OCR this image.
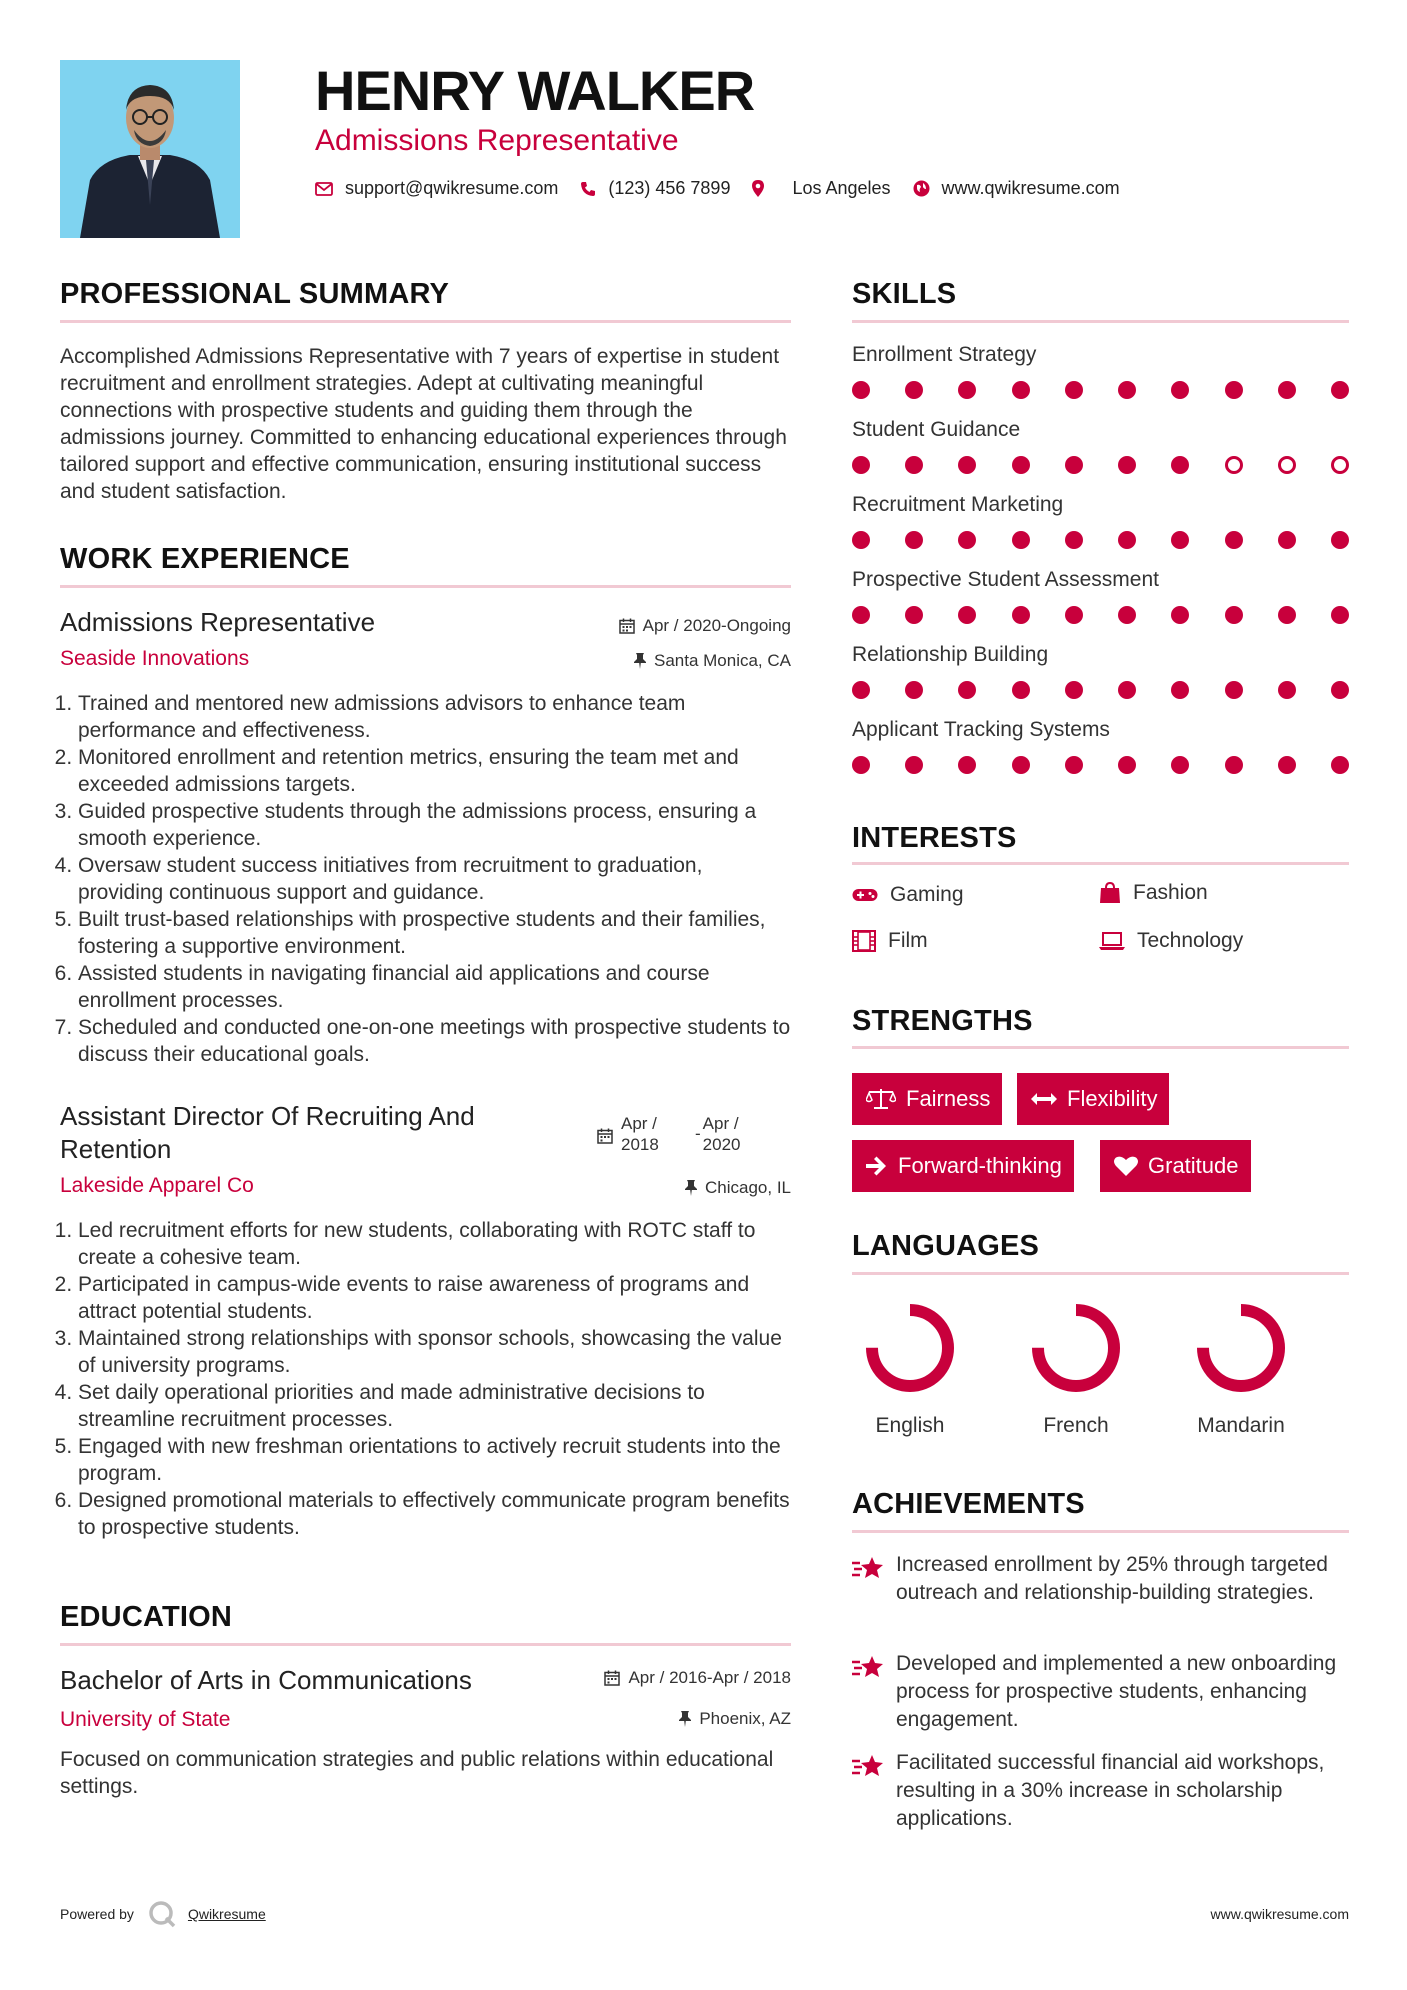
HENRY WALKER
Admissions Representative
support@qwikresume.com	(123) 456 7899	Los Angeles	www.qwikresume.com
PROFESSIONAL SUMMARY
Accomplished Admissions Representative with 7 years of expertise in student recruitment and enrollment strategies. Adept at cultivating meaningful connections with prospective students and guiding them through the admissions journey. Committed to enhancing educational experiences through tailored support and effective communication, ensuring institutional success and student satisfaction.
WORK EXPERIENCE
Admissions Representative	Apr / 2020-Ongoing
Seaside Innovations	Santa Monica, CA
1. Trained and mentored new admissions advisors to enhance team performance and effectiveness.
2. Monitored enrollment and retention metrics, ensuring the team met and exceeded admissions targets.
3. Guided prospective students through the admissions process, ensuring a smooth experience.
4. Oversaw student success initiatives from recruitment to graduation, providing continuous support and guidance.
5. Built trust-based relationships with prospective students and their families, fostering a supportive environment.
6. Assisted students in navigating financial aid applications and course enrollment processes.
7. Scheduled and conducted one-on-one meetings with prospective students to discuss their educational goals.
Assistant Director Of Recruiting And Retention
Apr / 2018
-
Apr / 2020
Lakeside Apparel Co	Chicago, IL
1. Led recruitment efforts for new students, collaborating with ROTC staff to create a cohesive team.
2. Participated in campus-wide events to raise awareness of programs and attract potential students.
3. Maintained strong relationships with sponsor schools, showcasing the value of university programs.
4. Set daily operational priorities and made administrative decisions to streamline recruitment processes.
5. Engaged with new freshman orientations to actively recruit students into the program.
6. Designed promotional materials to effectively communicate program benefits to prospective students.
EDUCATION
Bachelor of Arts in Communications	Apr / 2016-Apr / 2018
University of State	Phoenix, AZ
Focused on communication strategies and public relations within educational settings.
SKILLS
Enrollment Strategy
Student Guidance
Recruitment Marketing
Prospective Student Assessment
Relationship Building
Applicant Tracking Systems
INTERESTS
Gaming	Fashion
Film	Technology
STRENGTHS
Fairness	Flexibility
Forward-thinking	Gratitude
LANGUAGES
English	French	Mandarin
ACHIEVEMENTS
Increased enrollment by 25% through targeted outreach and relationship-building strategies.
Developed and implemented a new onboarding process for prospective students, enhancing engagement.
Facilitated successful financial aid workshops, resulting in a 30% increase in scholarship applications.
Powered by	Qwikresume	www.qwikresume.com
